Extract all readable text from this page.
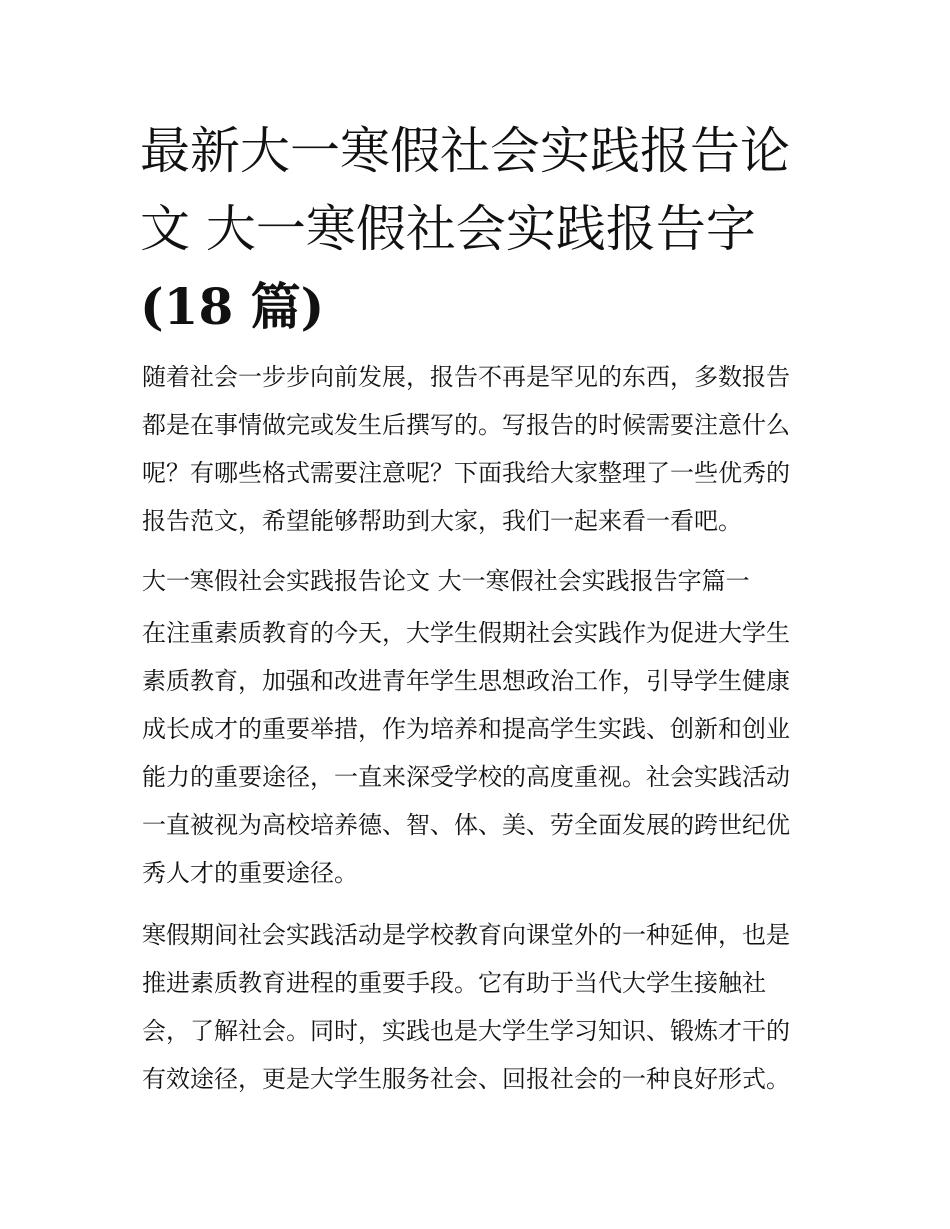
最新大一寒假社会实践报告论
文 大一寒假社会实践报告字
(18 篇)
随着社会一步步向前发展，报告不再是罕见的东西，多数报告
都是在事情做完或发生后撰写的。写报告的时候需要注意什么
呢？有哪些格式需要注意呢？下面我给大家整理了一些优秀的
报告范文，希望能够帮助到大家，我们一起来看一看吧。
大一寒假社会实践报告论文 大一寒假社会实践报告字篇一
在注重素质教育的今天，大学生假期社会实践作为促进大学生
素质教育，加强和改进青年学生思想政治工作，引导学生健康
成长成才的重要举措，作为培养和提高学生实践、创新和创业
能力的重要途径，一直来深受学校的高度重视。社会实践活动
一直被视为高校培养德、智、体、美、劳全面发展的跨世纪优
秀人才的重要途径。
寒假期间社会实践活动是学校教育向课堂外的一种延伸，也是
推进素质教育进程的重要手段。它有助于当代大学生接触社
会，了解社会。同时，实践也是大学生学习知识、锻炼才干的
有效途径，更是大学生服务社会、回报社会的一种良好形式。
